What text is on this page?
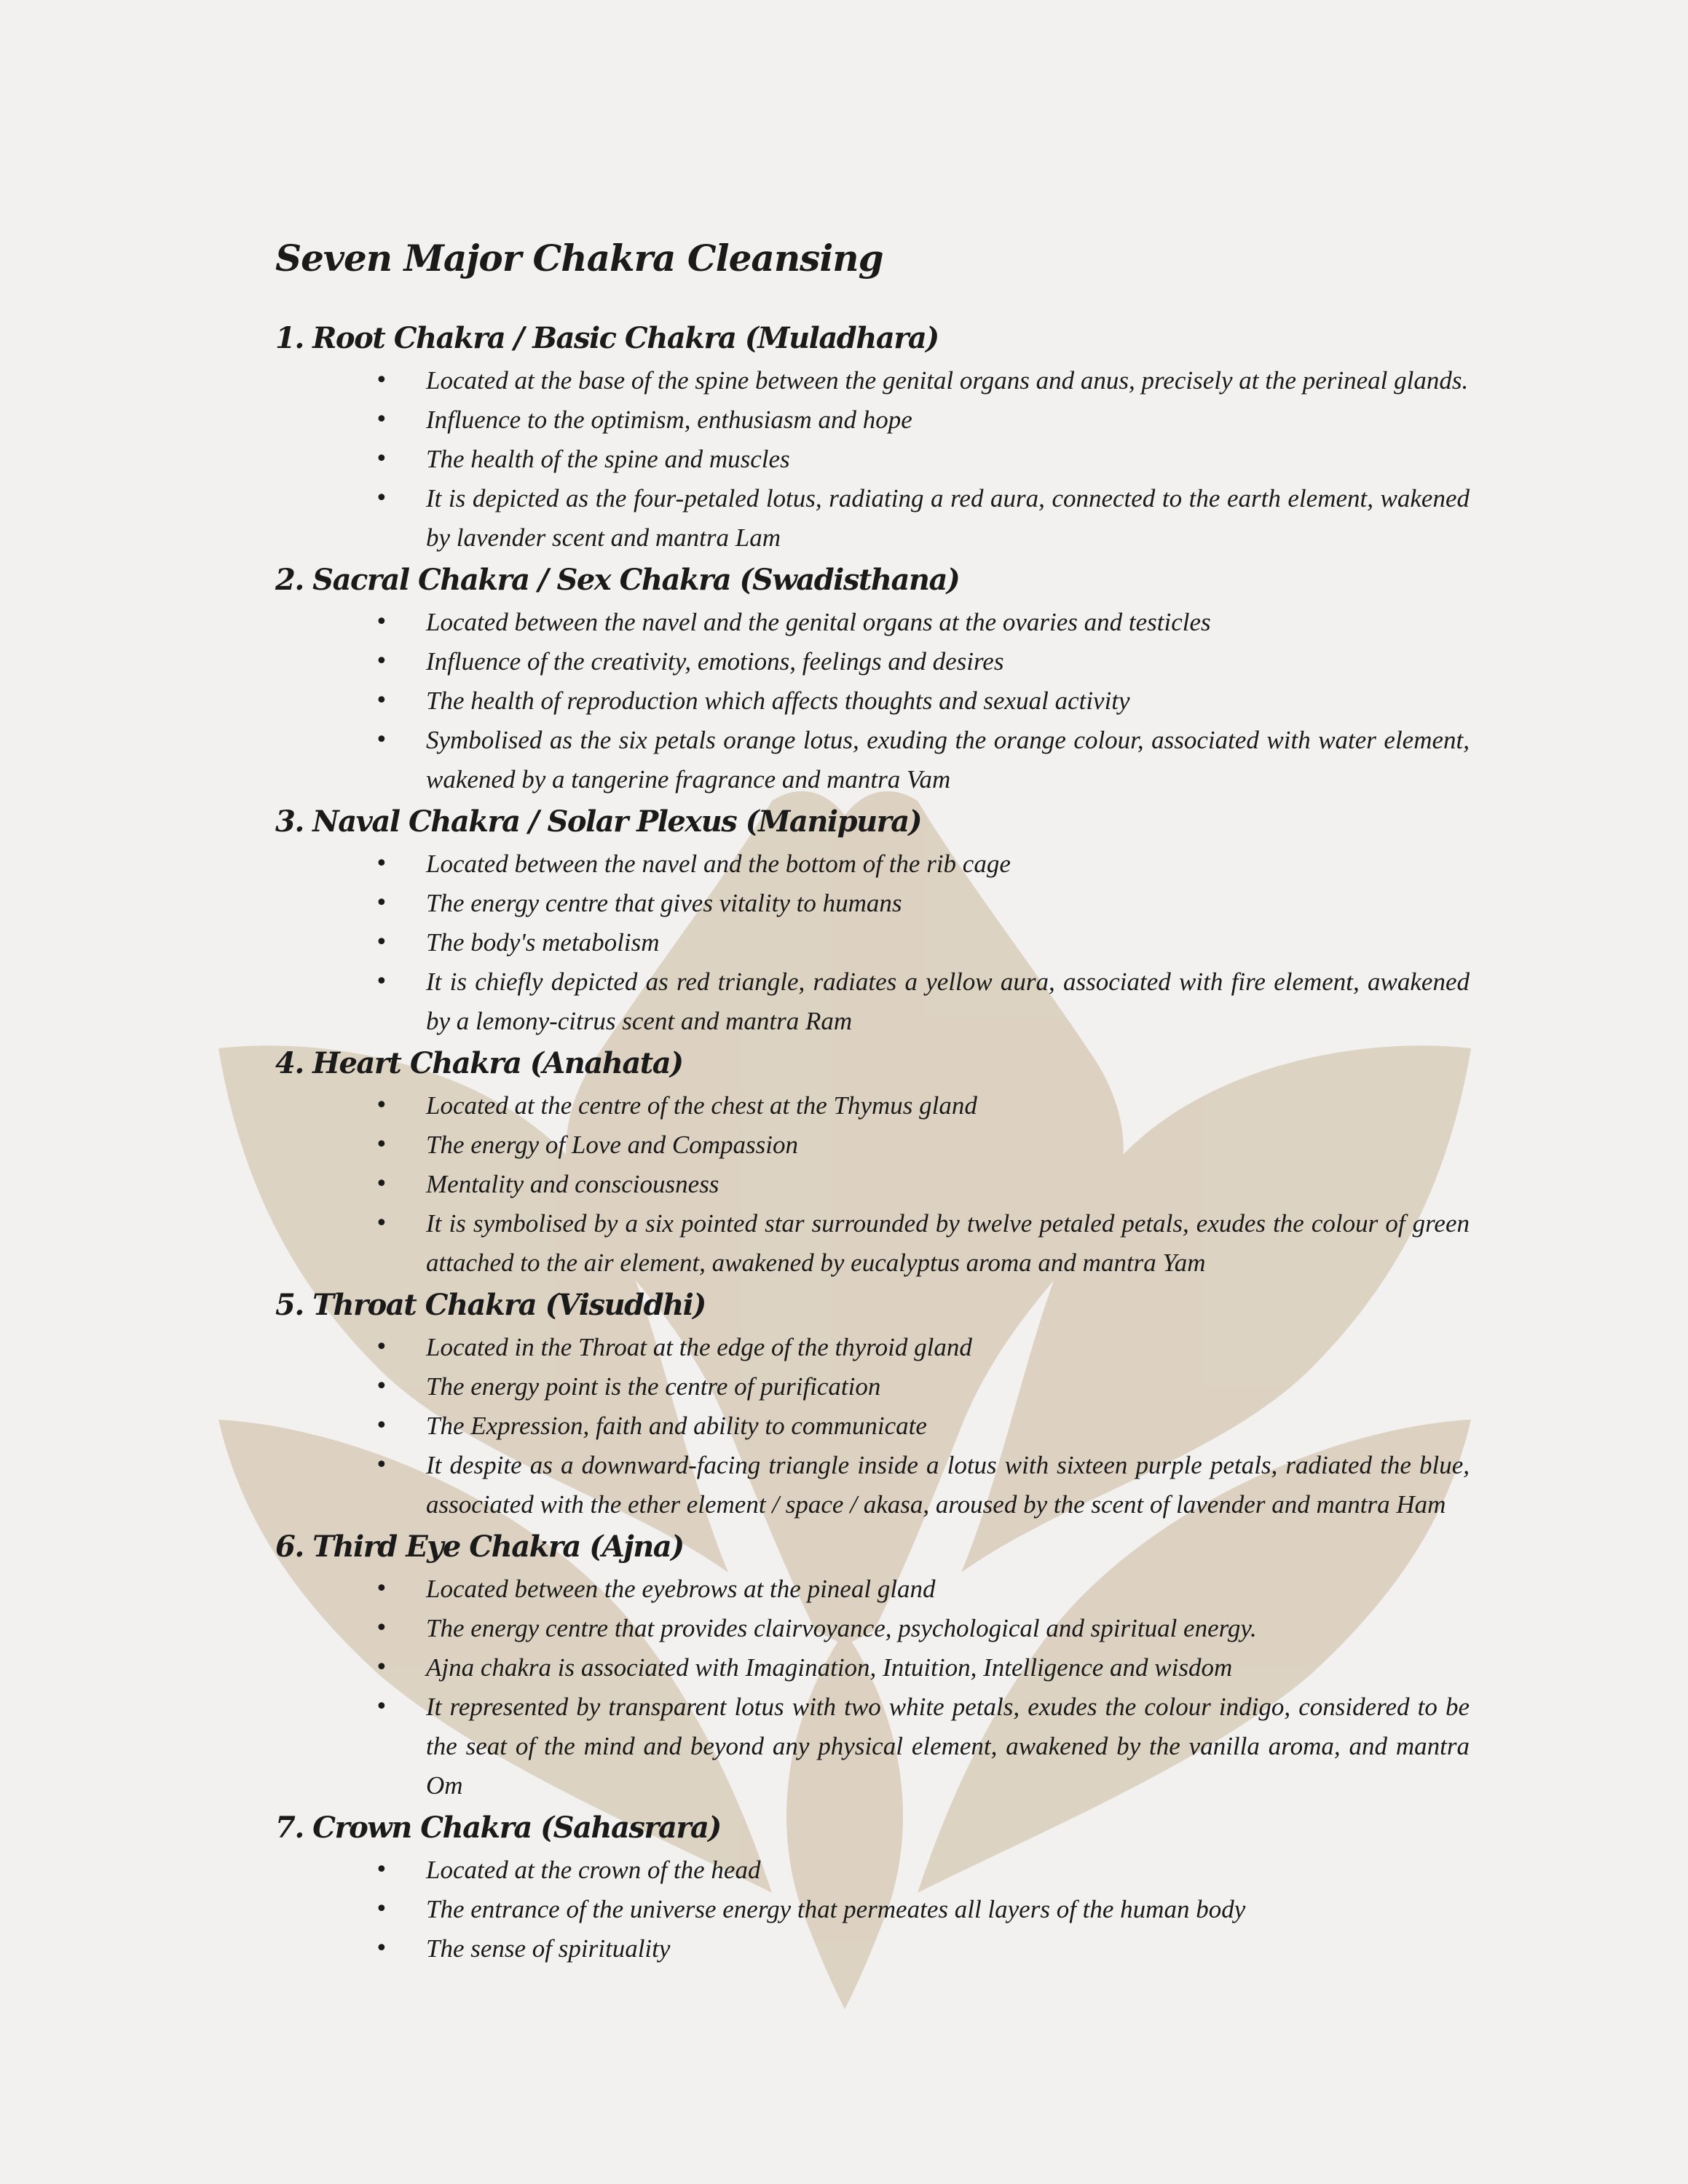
Seven Major Chakra Cleansing
1. Root Chakra / Basic Chakra (Muladhara)
• Located at the base of the spine between the genital organs and anus, precisely at the perineal glands.
• Influence to the optimism, enthusiasm and hope
• The health of the spine and muscles
• It is depicted as the four-petaled lotus, radiating a red aura, connected to the earth element, wakened by lavender scent and mantra Lam
2. Sacral Chakra / Sex Chakra (Swadisthana)
• Located between the navel and the genital organs at the ovaries and testicles
• Influence of the creativity, emotions, feelings and desires
• The health of reproduction which affects thoughts and sexual activity
• Symbolised as the six petals orange lotus, exuding the orange colour, associated with water element, wakened by a tangerine fragrance and mantra Vam
3. Naval Chakra / Solar Plexus (Manipura)
• Located between the navel and the bottom of the rib cage
• The energy centre that gives vitality to humans
• The body's metabolism
• It is chiefly depicted as red triangle, radiates a yellow aura, associated with fire element, awakened by a lemony-citrus scent and mantra Ram
4. Heart Chakra (Anahata)
• Located at the centre of the chest at the Thymus gland
• The energy of Love and Compassion
• Mentality and consciousness
• It is symbolised by a six pointed star surrounded by twelve petaled petals, exudes the colour of green attached to the air element, awakened by eucalyptus aroma and mantra Yam
5. Throat Chakra (Visuddhi)
• Located in the Throat at the edge of the thyroid gland
• The energy point is the centre of purification
• The Expression, faith and ability to communicate
• It despite as a downward-facing triangle inside a lotus with sixteen purple petals, radiated the blue, associated with the ether element / space / akasa, aroused by the scent of lavender and mantra Ham
6. Third Eye Chakra (Ajna)
• Located between the eyebrows at the pineal gland
• The energy centre that provides clairvoyance, psychological and spiritual energy.
• Ajna chakra is associated with Imagination, Intuition, Intelligence and wisdom
• It represented by transparent lotus with two white petals, exudes the colour indigo, considered to be the seat of the mind and beyond any physical element, awakened by the vanilla aroma, and mantra Om
7. Crown Chakra (Sahasrara)
• Located at the crown of the head
• The entrance of the universe energy that permeates all layers of the human body
• The sense of spirituality
